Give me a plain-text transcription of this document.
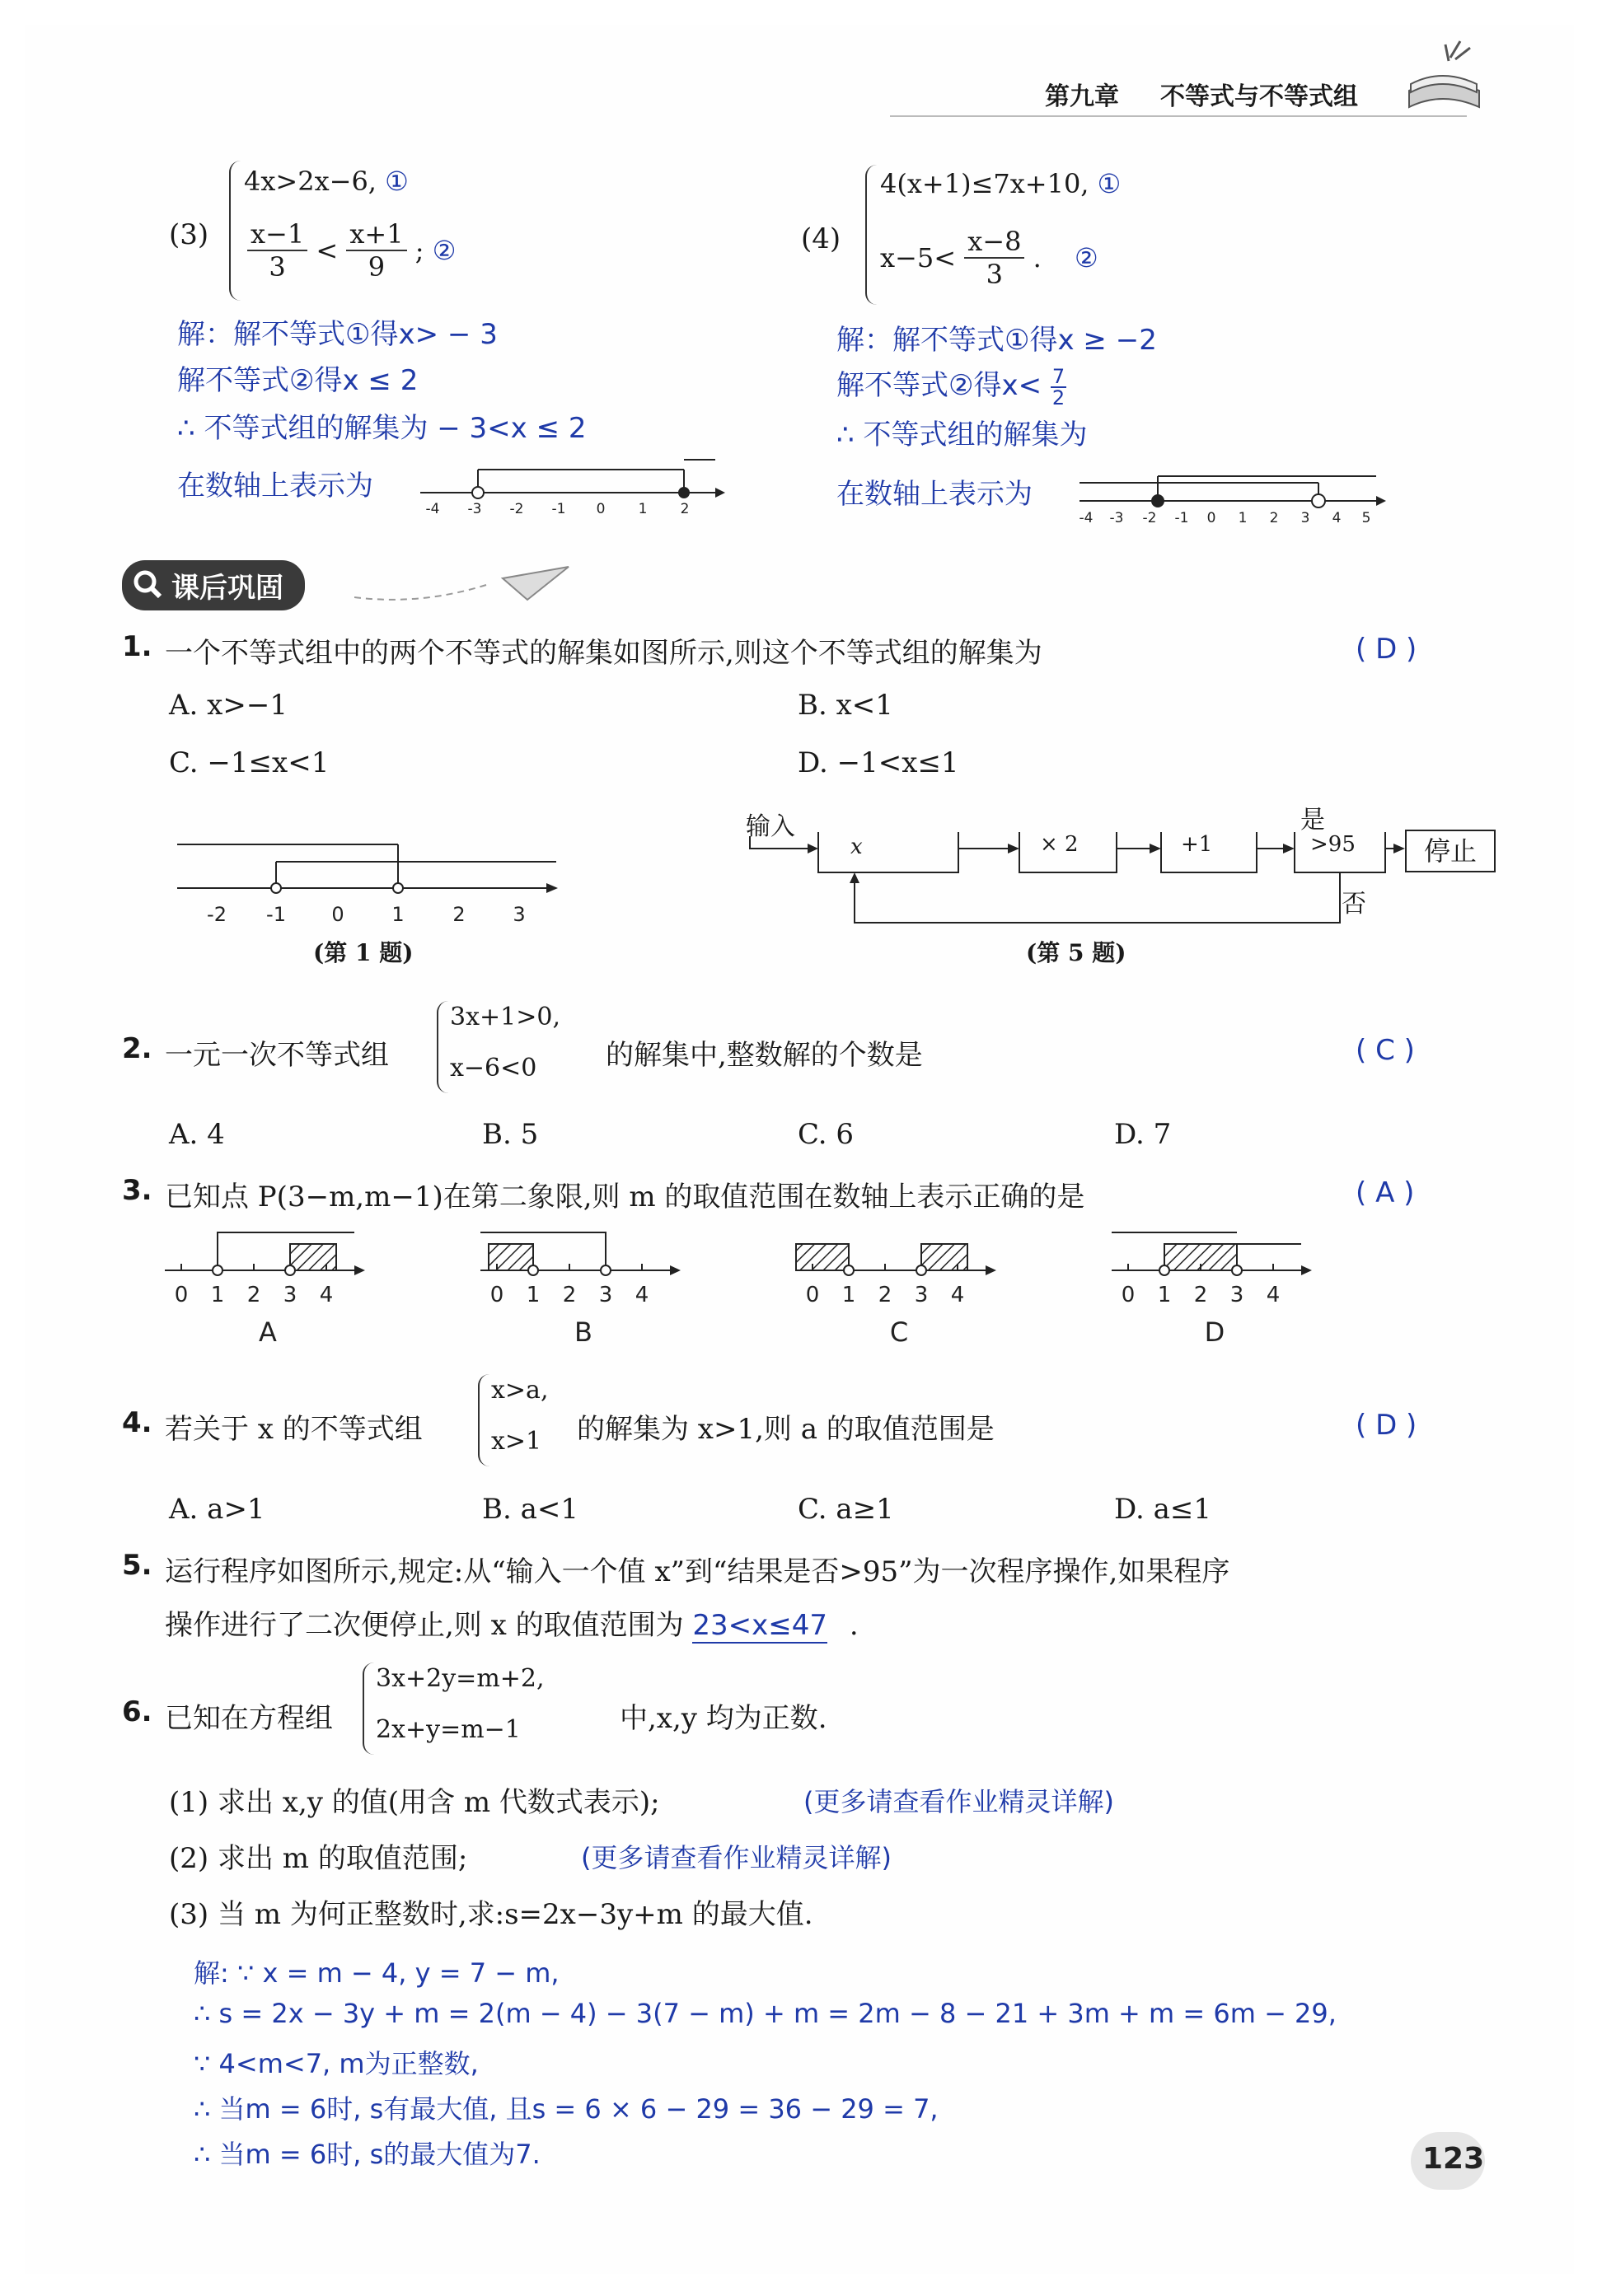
第九章 不等式与不等式组
(3)
4x>2x−6, ①
$\frac{x-1}{3} < \frac{x+1}{9}$ ; ②
解：解不等式①得x> − 3
解不等式②得x ≤ 2
∴ 不等式组的解集为 − 3<x ≤ 2
在数轴上表示为
-4 -3 -2 -1 0 1 2
(4)
4(x+1)≤7x+10, ①
$x-5< \frac{x-8}{3}$ . ②
解：解不等式①得x ≥ −2
解不等式②得$x< \frac{7}{2}$
∴ 不等式组的解集为
在数轴上表示为
-4 -3 -2 -1 0 1 2 3 4 5
课后巩固
1. 一个不等式组中的两个不等式的解集如图所示,则这个不等式组的解集为	( D )
A. x>−1	B. x<1
C. −1≤x<1	D. −1<x≤1
-2 -1 0 1 2 3
(第 1 题)
输入
x	× 2	+1	>95
是
否
停止
(第 5 题)
2. 一元一次不等式组
3x+1>0,
x−6<0 的解集中,整数解的个数是	( C )
A. 4	B. 5	C. 6	D. 7
3. 已知点 P(3−m,m−1)在第二象限,则 m 的取值范围在数轴上表示正确的是	( A )
0 1 2 3 4	0 1 2 3 4	0 1 2 3 4	0 1 2 3 4
A	B	C	D
4. 若关于 x 的不等式组
x>a,
x>1 的解集为 x>1,则 a 的取值范围是	( D )
A. a>1	B. a<1	C. a≥1	D. a≤1
5. 运行程序如图所示,规定:从“输入一个值 x”到“结果是否>95”为一次程序操作,如果程序
操作进行了二次便停止,则 x 的取值范围为 23<x≤47 .
6. 已知在方程组
3x+2y=m+2,
2x+y=m−1	中,x,y 均为正数.
(1) 求出 x,y 的值(用含 m 代数式表示);	(更多请查看作业精灵详解)
(2) 求出 m 的取值范围;	(更多请查看作业精灵详解)
(3) 当 m 为何正整数时,求:s=2x−3y+m 的最大值.
解: ∵ x = m − 4, y = 7 − m,
∴ s = 2x − 3y + m = 2(m − 4) − 3(7 − m) + m = 2m − 8 − 21 + 3m + m = 6m − 29,
∵ 4<m<7, m为正整数,
∴ 当m = 6时, s有最大值, 且s = 6 × 6 − 29 = 36 − 29 = 7,
∴ 当m = 6时, s的最大值为7.	123
